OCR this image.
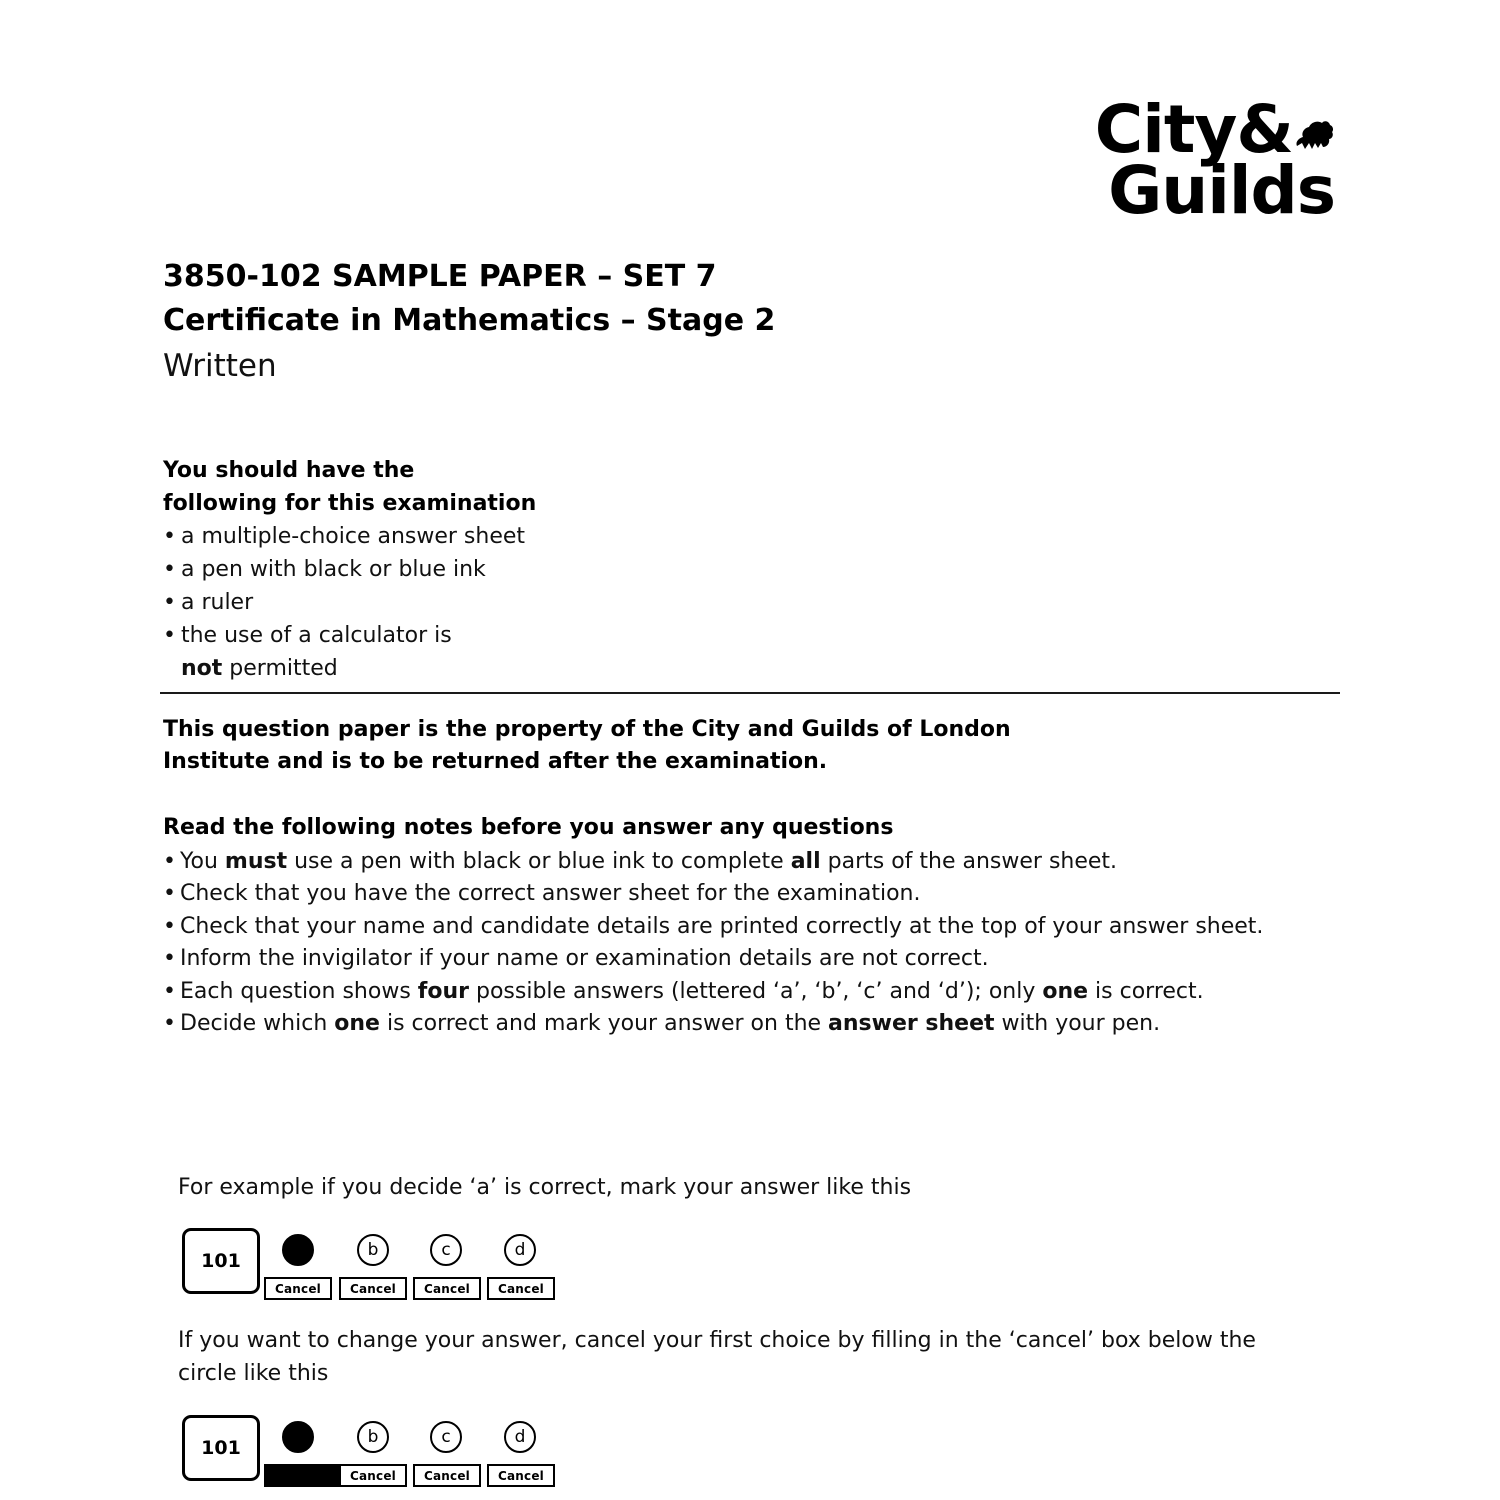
City&
Guilds
3850-102 SAMPLE PAPER – SET 7
Certificate in Mathematics – Stage 2
Written
You should have the
following for this examination
• a multiple-choice answer sheet
• a pen with black or blue ink
• a ruler
• the use of a calculator is
not permitted
This question paper is the property of the City and Guilds of London
Institute and is to be returned after the examination.
Read the following notes before you answer any questions
• You must use a pen with black or blue ink to complete all parts of the answer sheet.
• Check that you have the correct answer sheet for the examination.
• Check that your name and candidate details are printed correctly at the top of your answer sheet.
• Inform the invigilator if your name or examination details are not correct.
• Each question shows four possible answers (lettered ‘a’, ‘b’, ‘c’ and ‘d’); only one is correct.
• Decide which one is correct and mark your answer on the answer sheet with your pen.
For example if you decide ‘a’ is correct, mark your answer like this
101	b	c	d
Cancel	Cancel	Cancel	Cancel
If you want to change your answer, cancel your first choice by filling in the ‘cancel’ box below the circle like this
101	b	c	d
Cancel	Cancel	Cancel
